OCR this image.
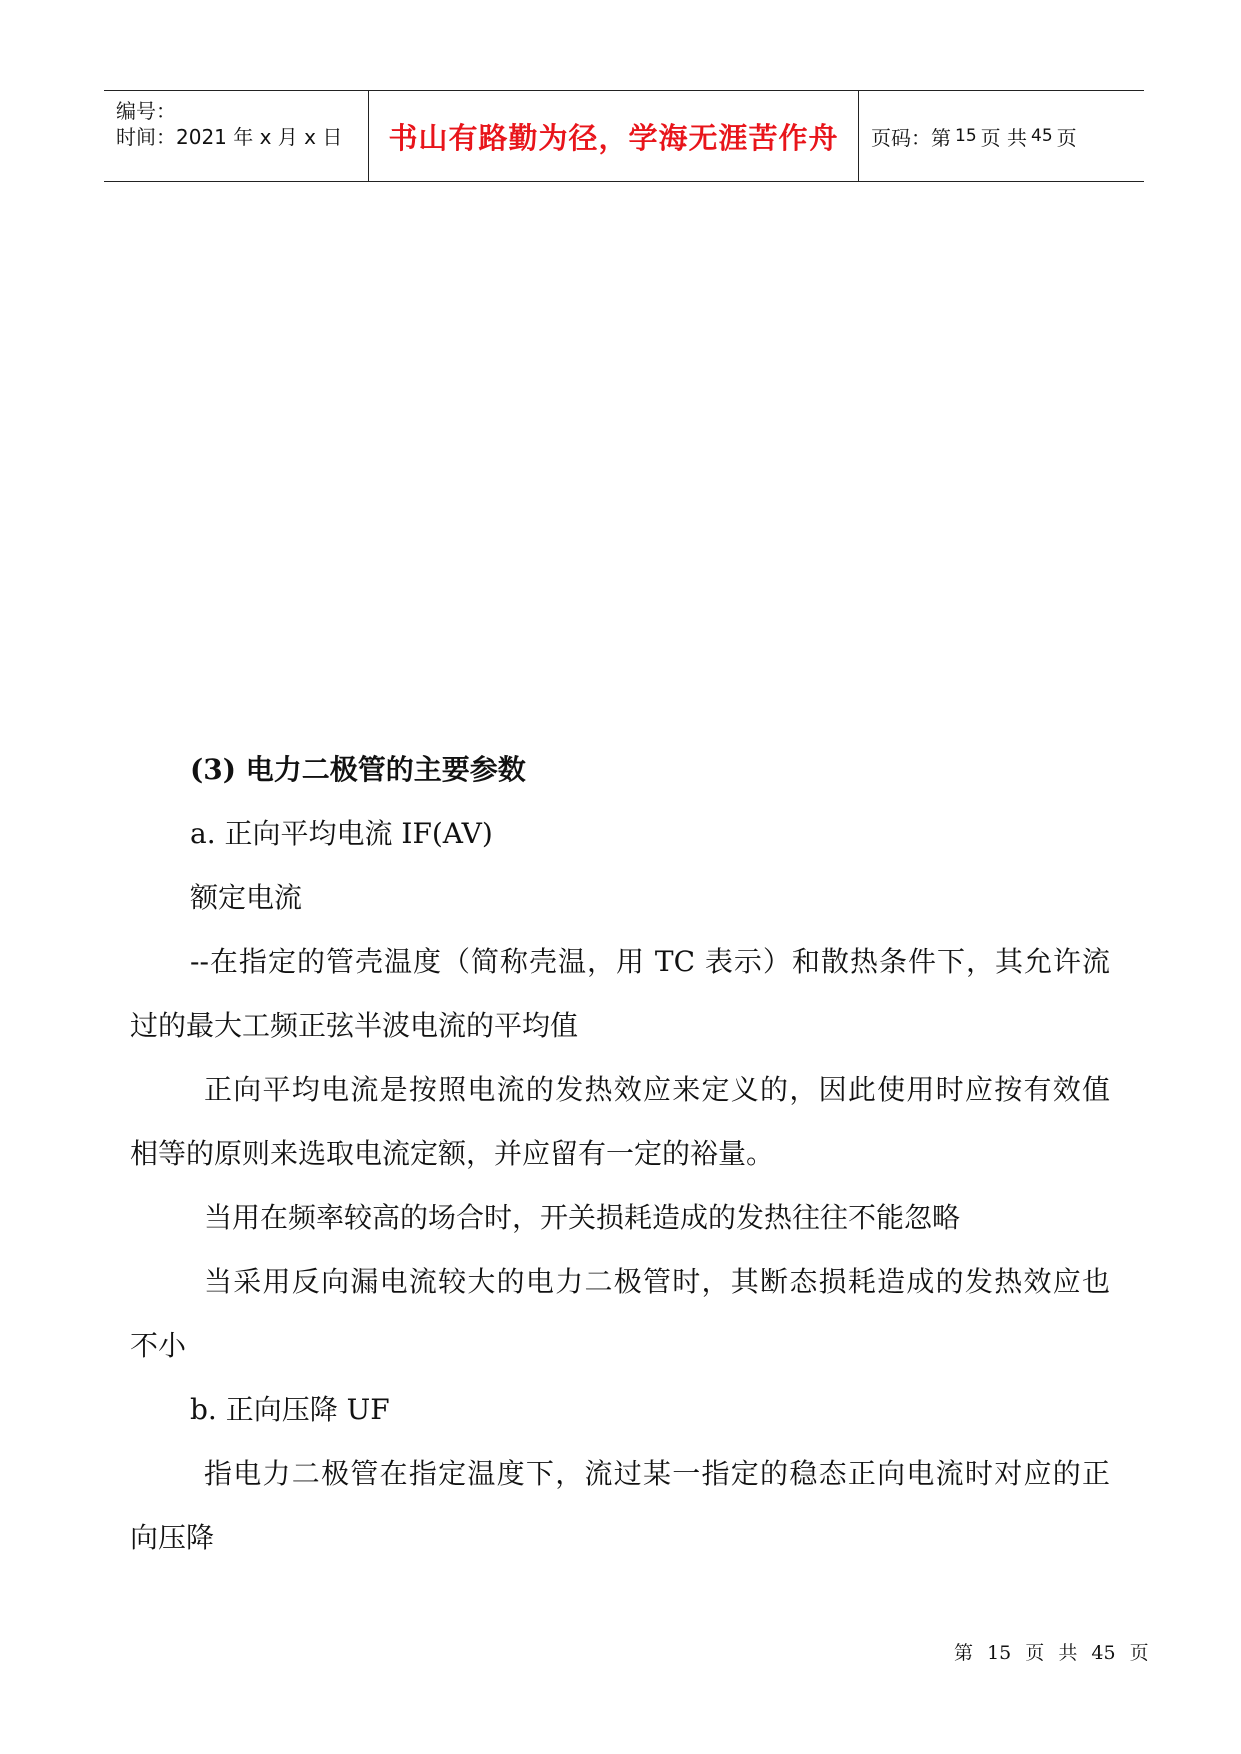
编号：
时间：2021 年 x 月 x 日 书山有路勤为径，学海无涯苦作舟 页码：第 15 页 共 45 页
(3) 电力二极管的主要参数
a. 正向平均电流 IF(AV)
额定电流
--在指定的管壳温度（简称壳温，用 TC 表示）和散热条件下，其允许流
过的最大工频正弦半波电流的平均值
正向平均电流是按照电流的发热效应来定义的，因此使用时应按有效值
相等的原则来选取电流定额，并应留有一定的裕量。
当用在频率较高的场合时，开关损耗造成的发热往往不能忽略
当采用反向漏电流较大的电力二极管时，其断态损耗造成的发热效应也
不小
b. 正向压降 UF
指电力二极管在指定温度下，流过某一指定的稳态正向电流时对应的正
向压降
第 15 页 共 45 页
